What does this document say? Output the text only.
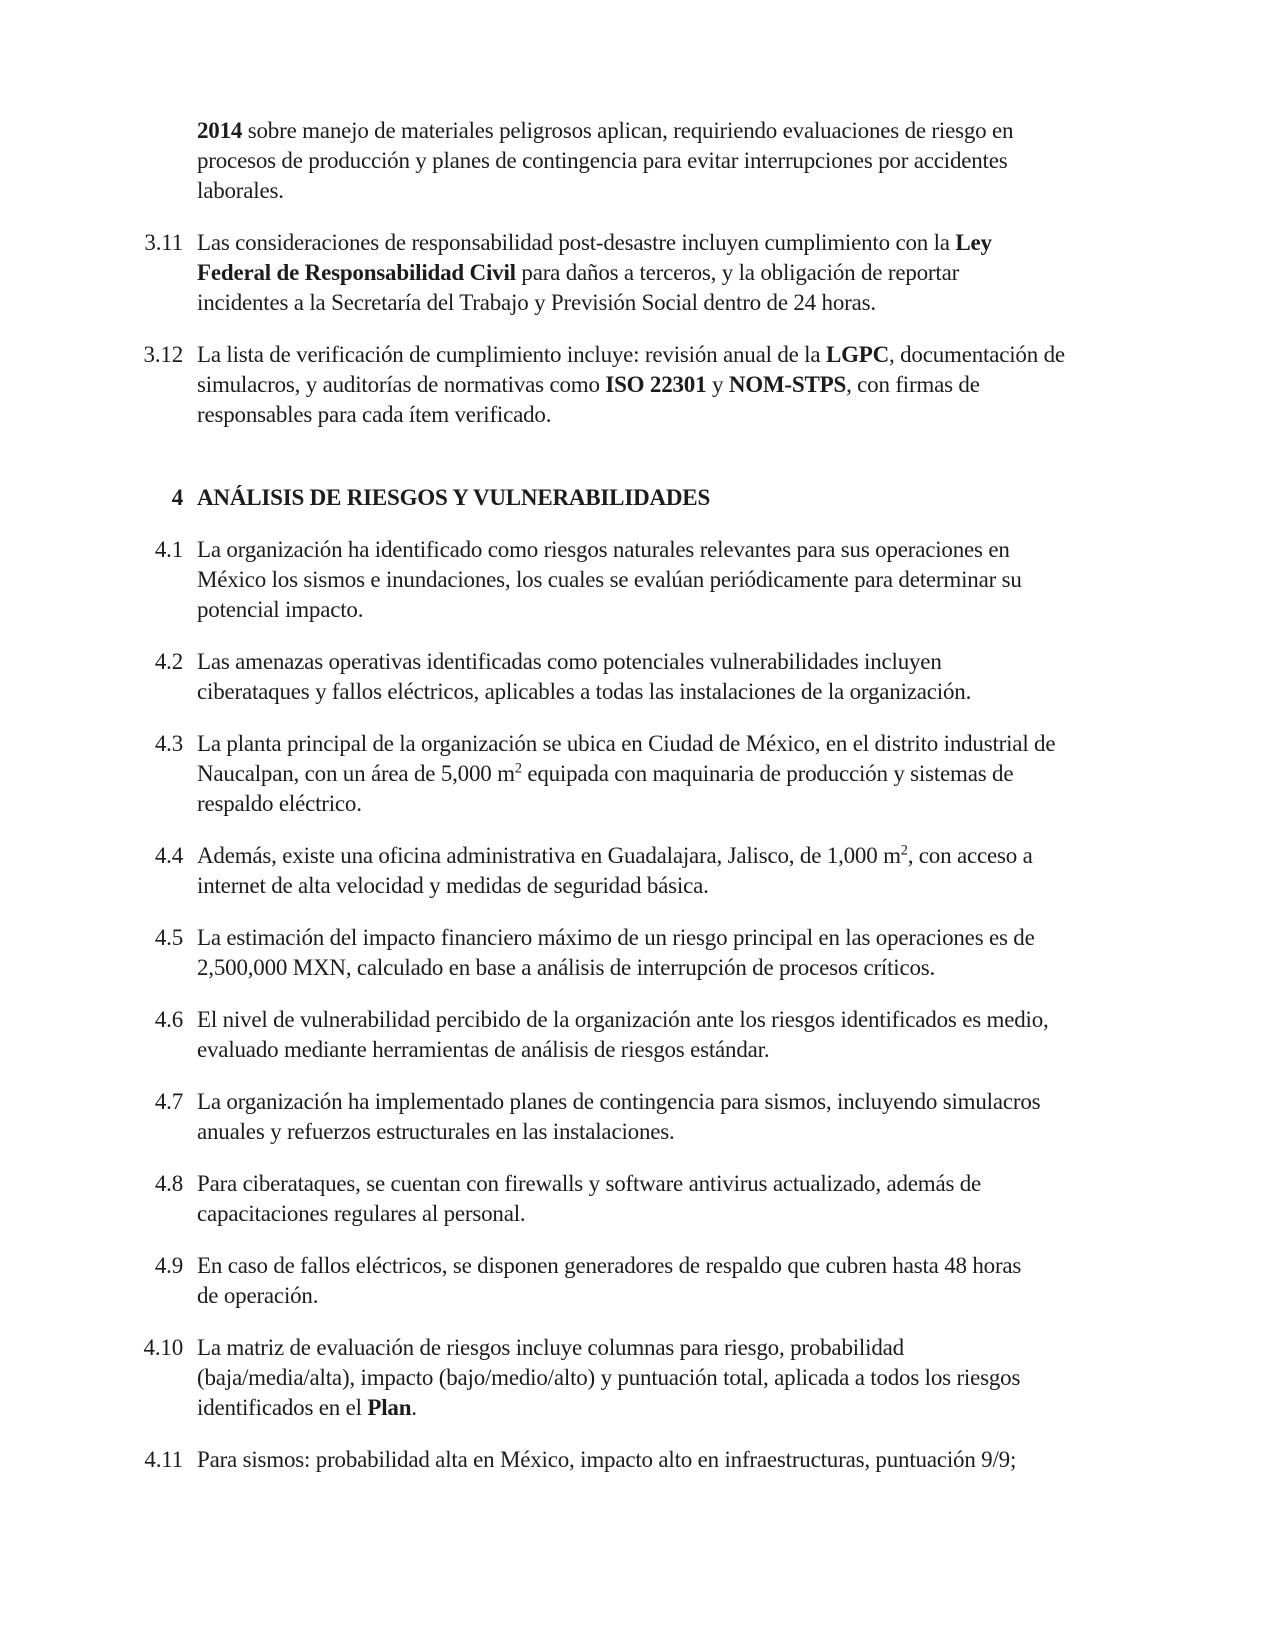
2014 sobre manejo de materiales peligrosos aplican, requiriendo evaluaciones de riesgo en
procesos de producción y planes de contingencia para evitar interrupciones por accidentes
laborales.
3.11 Las consideraciones de responsabilidad post-desastre incluyen cumplimiento con la Ley
Federal de Responsabilidad Civil para daños a terceros, y la obligación de reportar
incidentes a la Secretaría del Trabajo y Previsión Social dentro de 24 horas.
3.12 La lista de verificación de cumplimiento incluye: revisión anual de la LGPC, documentación de
simulacros, y auditorías de normativas como ISO 22301 y NOM-STPS, con firmas de
responsables para cada ítem verificado.
4 ANÁLISIS DE RIESGOS Y VULNERABILIDADES
4.1 La organización ha identificado como riesgos naturales relevantes para sus operaciones en
México los sismos e inundaciones, los cuales se evalúan periódicamente para determinar su
potencial impacto.
4.2 Las amenazas operativas identificadas como potenciales vulnerabilidades incluyen
ciberataques y fallos eléctricos, aplicables a todas las instalaciones de la organización.
4.3 La planta principal de la organización se ubica en Ciudad de México, en el distrito industrial de
Naucalpan, con un área de 5,000 $m^2$ equipada con maquinaria de producción y sistemas de
respaldo eléctrico.
4.4 Además, existe una oficina administrativa en Guadalajara, Jalisco, de 1,000 $m^2$, con acceso a
internet de alta velocidad y medidas de seguridad básica.
4.5 La estimación del impacto financiero máximo de un riesgo principal en las operaciones es de
2,500,000 MXN, calculado en base a análisis de interrupción de procesos críticos.
4.6 El nivel de vulnerabilidad percibido de la organización ante los riesgos identificados es medio,
evaluado mediante herramientas de análisis de riesgos estándar.
4.7 La organización ha implementado planes de contingencia para sismos, incluyendo simulacros
anuales y refuerzos estructurales en las instalaciones.
4.8 Para ciberataques, se cuentan con firewalls y software antivirus actualizado, además de
capacitaciones regulares al personal.
4.9 En caso de fallos eléctricos, se disponen generadores de respaldo que cubren hasta 48 horas
de operación.
4.10 La matriz de evaluación de riesgos incluye columnas para riesgo, probabilidad
(baja/media/alta), impacto (bajo/medio/alto) y puntuación total, aplicada a todos los riesgos
identificados en el Plan.
4.11 Para sismos: probabilidad alta en México, impacto alto en infraestructuras, puntuación 9/9;
